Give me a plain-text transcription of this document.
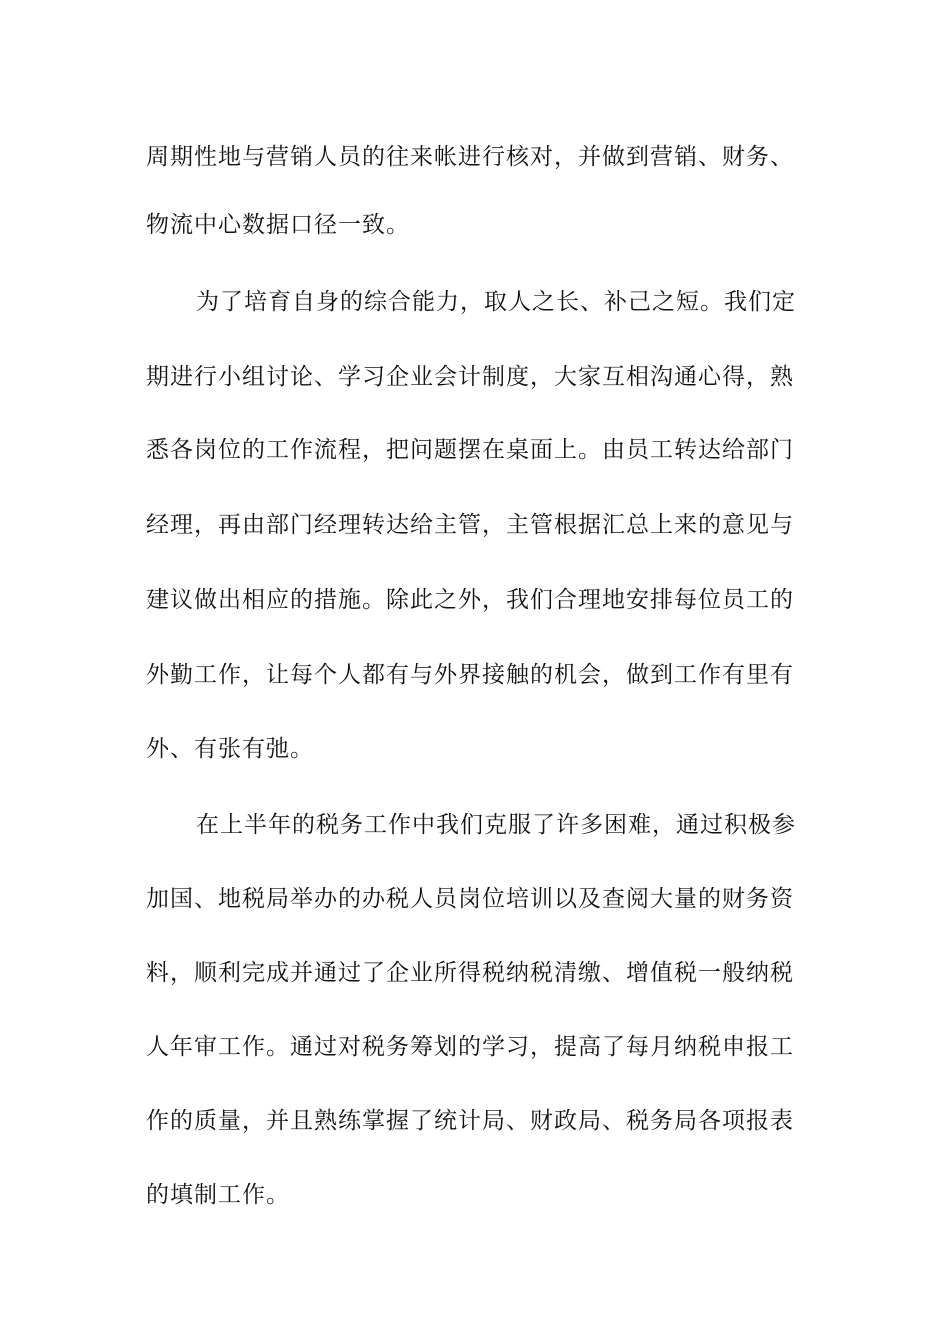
周期性地与营销人员的往来帐进行核对，并做到营销、财务、
物流中心数据口径一致。
为了培育自身的综合能力，取人之长、补己之短。我们定
期进行小组讨论、学习企业会计制度，大家互相沟通心得，熟
悉各岗位的工作流程，把问题摆在桌面上。由员工转达给部门
经理，再由部门经理转达给主管，主管根据汇总上来的意见与
建议做出相应的措施。除此之外，我们合理地安排每位员工的
外勤工作，让每个人都有与外界接触的机会，做到工作有里有
外、有张有弛。
在上半年的税务工作中我们克服了许多困难，通过积极参
加国、地税局举办的办税人员岗位培训以及查阅大量的财务资
料，顺利完成并通过了企业所得税纳税清缴、增值税一般纳税
人年审工作。通过对税务筹划的学习，提高了每月纳税申报工
作的质量，并且熟练掌握了统计局、财政局、税务局各项报表
的填制工作。
